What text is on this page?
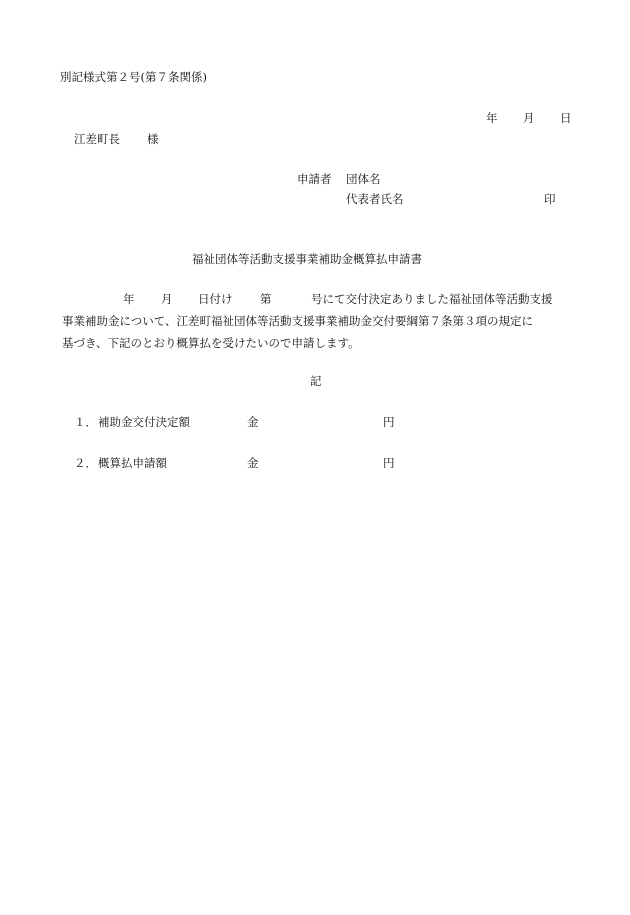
別記様式第２号(第７条関係)
年 月 日
江差町長 様
申請者 団体名
代表者氏名	印
福祉団体等活動支援事業補助金概算払申請書
年 月 日付け 第	号にて交付決定ありました福祉団体等活動支援
事業補助金について、江差町福祉団体等活動支援事業補助金交付要綱第７条第３項の規定に
基づき、下記のとおり概算払を受けたいので申請します。
記
１． 補助金交付決定額	金	円
２． 概算払申請額	金	円
